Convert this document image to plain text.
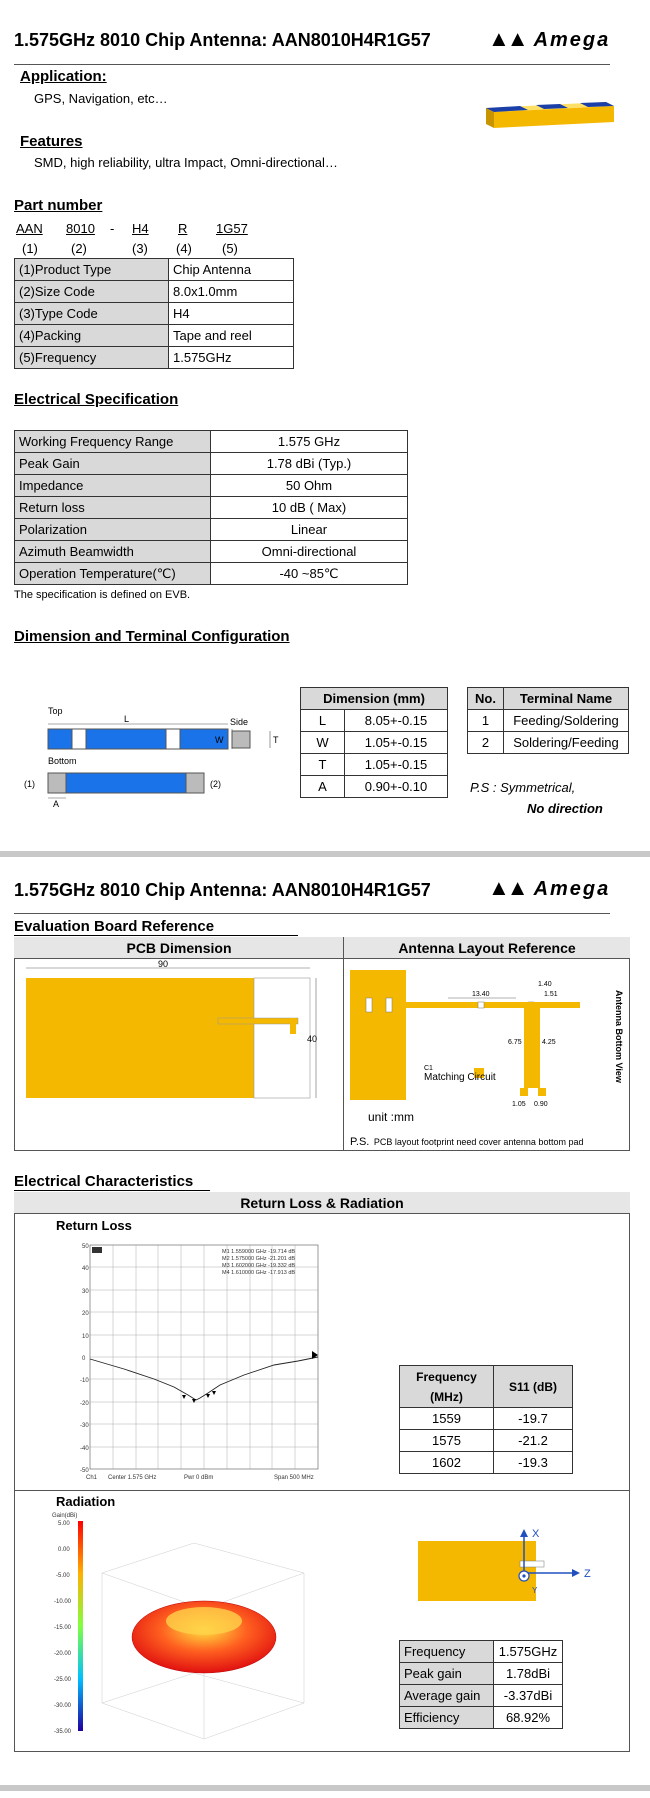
1.575GHz 8010 Chip Antenna: AAN8010H4R1G57	▲▲ Amega
Application:
GPS, Navigation, etc…
Features
SMD, high reliability, ultra Impact, Omni-directional…
Part number
AAN 8010 - H4 R 1G57
(1)	(2)	(3) (4) (5)
(1)Product Type	Chip Antenna
(2)Size Code	8.0x1.0mm
(3)Type Code	H4
(4)Packing	Tape and reel
(5)Frequency	1.575GHz
Electrical Specification
Working Frequency Range	1.575 GHz
Peak Gain	1.78 dBi (Typ.)
Impedance	50 Ohm
Return loss	10 dB ( Max)
Polarization	Linear
Azimuth Beamwidth	Omni-directional
Operation Temperature(℃)	-40 ~85℃
The specification is defined on EVB.
Dimension and Terminal Configuration
Top
Side
L
W	T
Bottom
(1)	(2)
A
Dimension (mm)	
L	8.05+-0.15
W	1.05+-0.15
T	1.05+-0.15
A	0.90+-0.10
No.	Terminal Name
1	Feeding/Soldering
2	Soldering/Feeding
P.S : Symmetrical,
No direction
1.575GHz 8010 Chip Antenna: AAN8010H4R1G57	▲▲ Amega
Evaluation Board Reference
PCB Dimension	Antenna Layout Reference
90
40
13.40
1.40
1.51
6.75	4.25
1.05 0.90
C1	Antenna Bottom View
Matching Circuit
unit :mm
P.S. PCB layout footprint need cover antenna bottom pad
Electrical Characteristics
Return Loss & Radiation
Return Loss
50
40
30
20
10
0
-10
-20
-30
-40
-50
M1 1.559000 GHz -19.714 dB
M2 1.575000 GHz -21.201 dB
M3 1.602000 GHz -19.332 dB
M4 1.610000 GHz -17.913 dB
Ch1 Center 1.575 GHz	Pwr 0 dBm	Span 500 MHz
Frequency
(MHz)	S11 (dB)
1559	-19.7
1575	-21.2
1602	-19.3
Radiation
Gain(dBi)
5.00
0.00
-5.00
-10.00
-15.00
-20.00
-25.00
-30.00
-35.00
X
Z
Y
Frequency	1.575GHz
Peak gain	1.78dBi
Average gain	-3.37dBi
Efficiency	68.92%
